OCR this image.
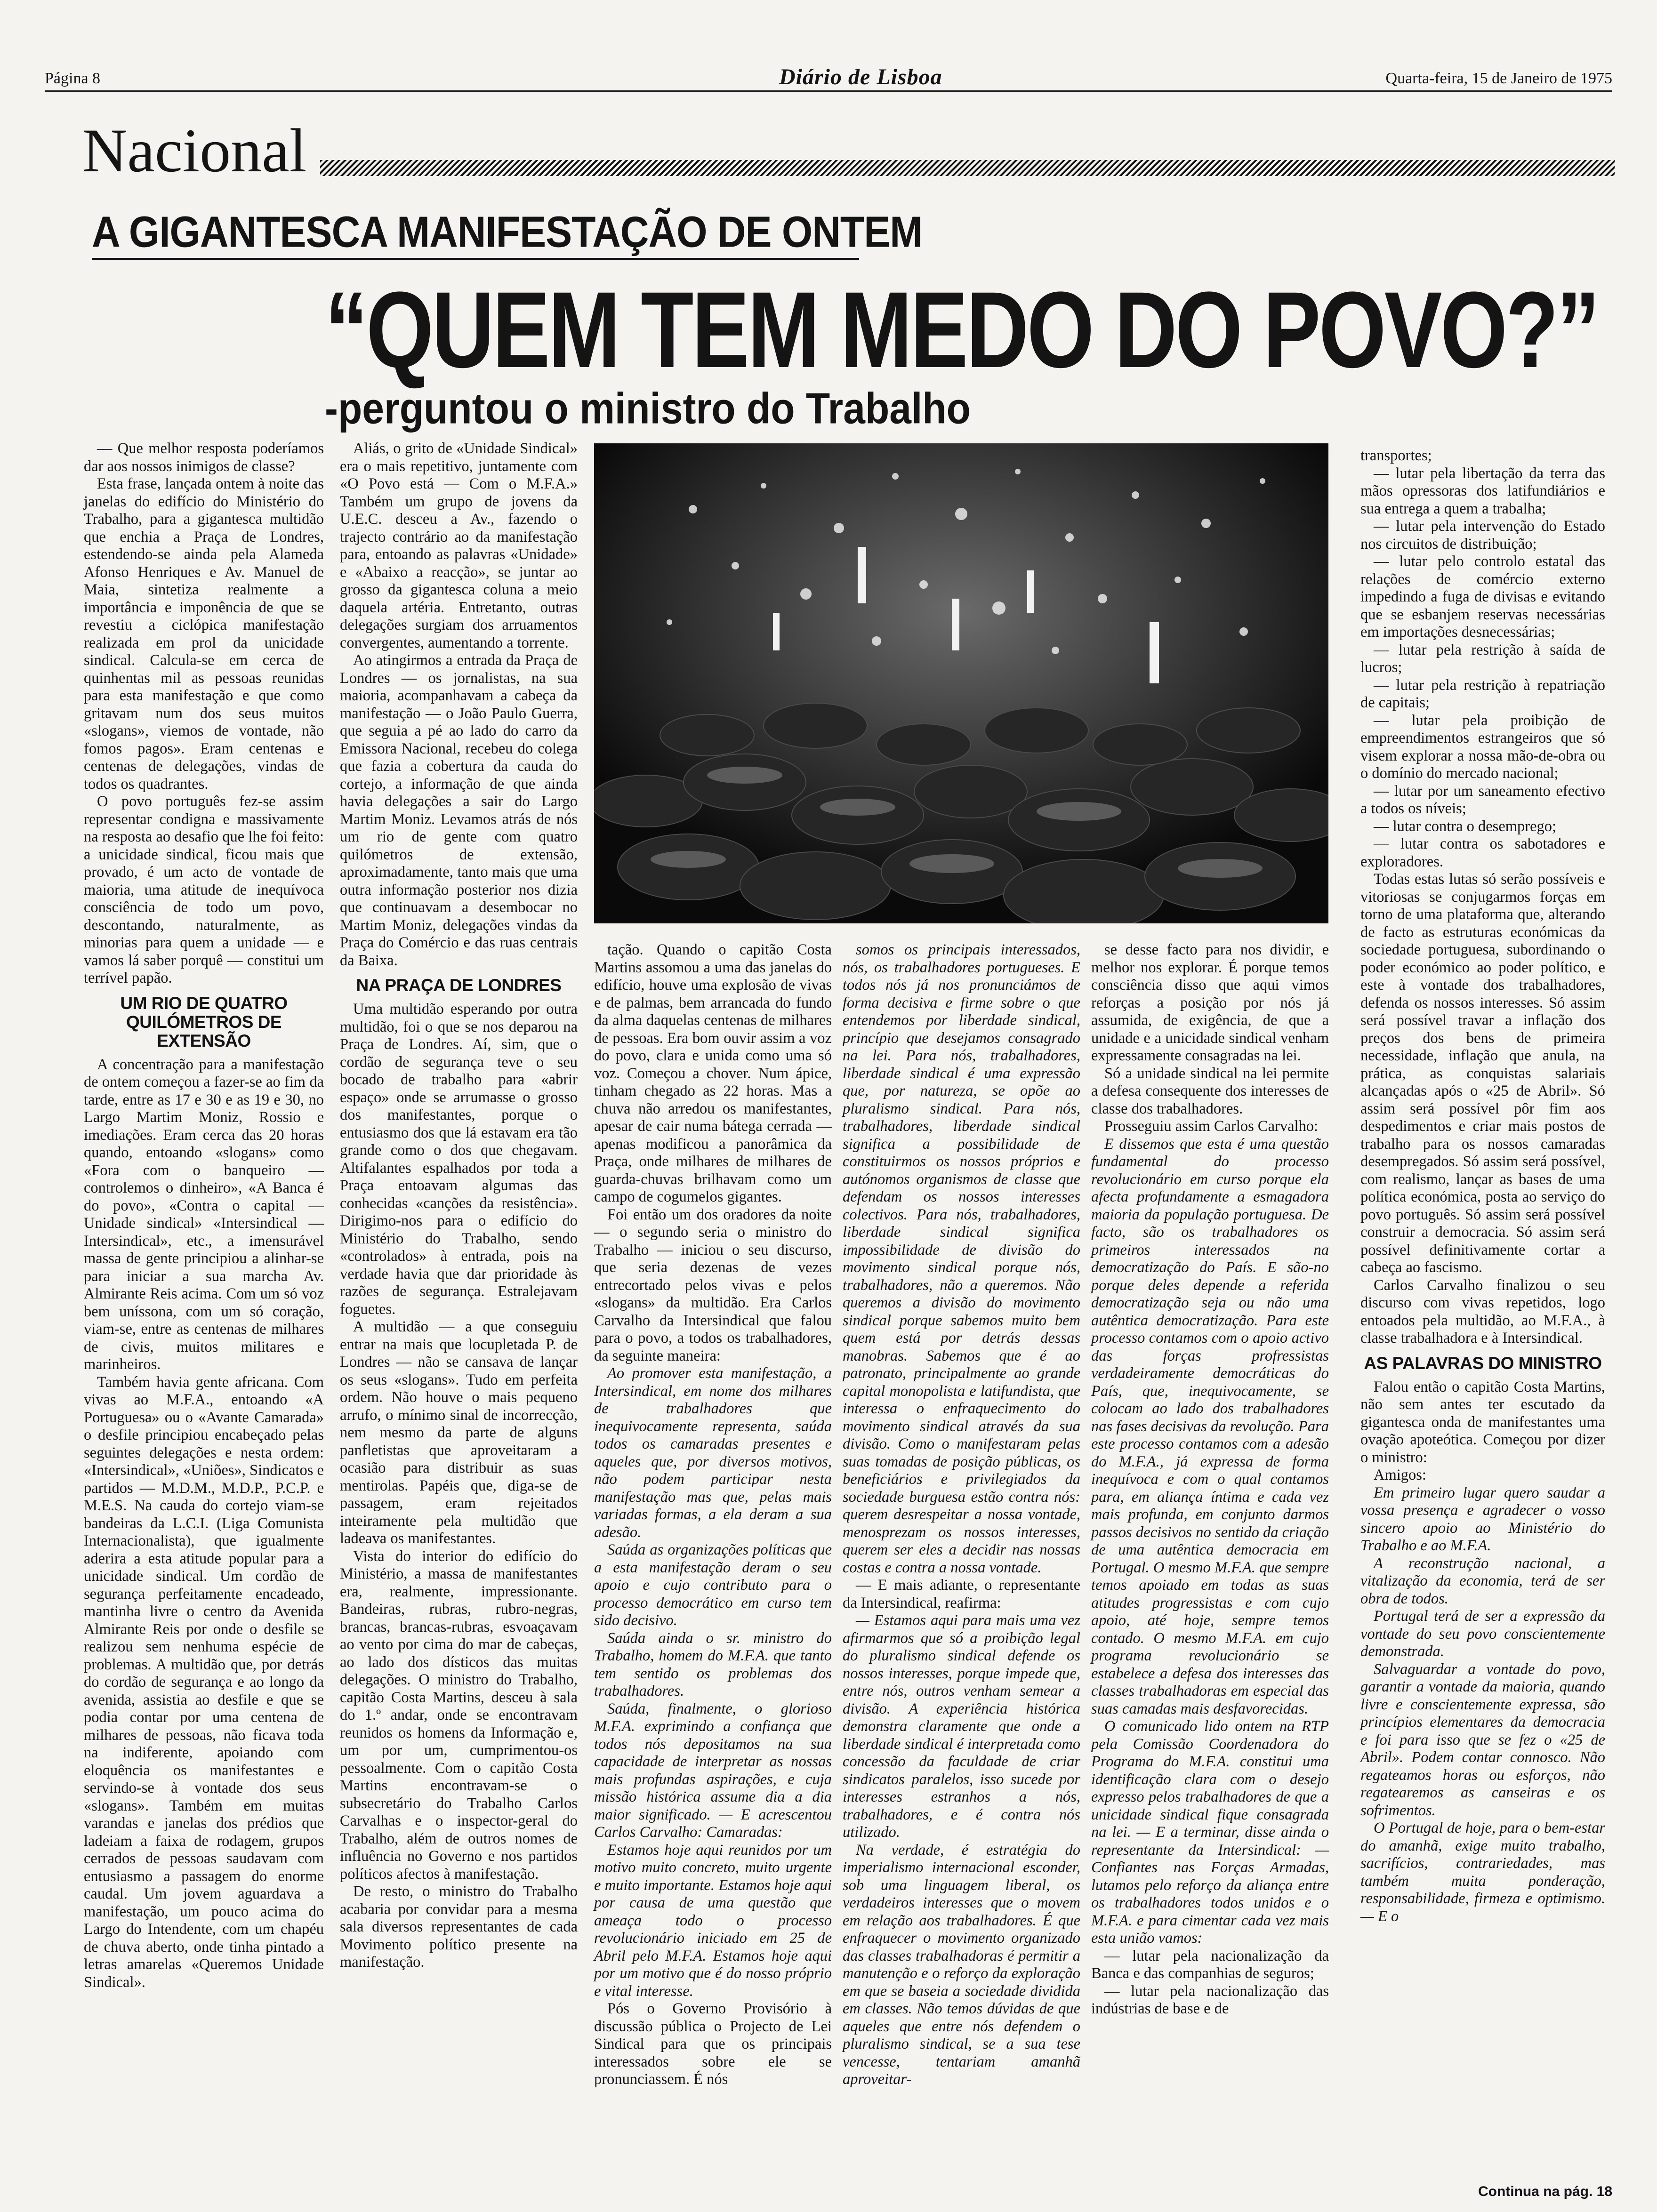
Página 8	Diário de Lisboa	Quarta-feira, 15 de Janeiro de 1975
Nacional
A GIGANTESCA MANIFESTAÇÃO DE ONTEM
“QUEM TEM MEDO DO POVO?”
-perguntou o ministro do Trabalho

— Que melhor resposta poderíamos dar aos nossos inimigos de classe?

Esta frase, lançada ontem à noite das janelas do edifício do Ministério do Trabalho, para a gigantesca multidão que enchia a Praça de Londres, estendendo-se ainda pela Alameda Afonso Henriques e Av. Manuel de Maia, sintetiza realmente a importância e imponência de que se revestiu a ciclópica manifestação realizada em prol da unicidade sindical. Calcula-se em cerca de quinhentas mil as pessoas reunidas para esta manifestação e que como gritavam num dos seus muitos «slogans», viemos de vontade, não fomos pagos». Eram centenas e centenas de delegações, vindas de todos os quadrantes.

O povo português fez-se assim representar condigna e massivamente na resposta ao desafio que lhe foi feito: a unicidade sindical, ficou mais que provado, é um acto de vontade de maioria, uma atitude de inequívoca consciência de todo um povo, descontando, naturalmente, as minorias para quem a unidade — e vamos lá saber porquê — constitui um terrível papão.

UM RIO DE QUATRO QUILÓMETROS DE EXTENSÃO

A concentração para a manifestação de ontem começou a fazer-se ao fim da tarde, entre as 17 e 30 e as 19 e 30, no Largo Martim Moniz, Rossio e imediações. Eram cerca das 20 horas quando, entoando «slogans» como «Fora com o banqueiro — controlemos o dinheiro», «A Banca é do povo», «Contra o capital — Unidade sindical» «Intersindical — Intersindical», etc., a imensurável massa de gente principiou a alinhar-se para iniciar a sua marcha Av. Almirante Reis acima. Com um só voz bem uníssona, com um só coração, viam-se, entre as centenas de milhares de civis, muitos militares e marinheiros.

Também havia gente africana. Com vivas ao M.F.A., entoando «A Portuguesa» ou o «Avante Camarada» o desfile principiou encabeçado pelas seguintes delegações e nesta ordem: «Intersindical», «Uniões», Sindicatos e partidos — M.D.M., M.D.P., P.C.P. e M.E.S. Na cauda do cortejo viam-se bandeiras da L.C.I. (Liga Comunista Internacionalista), que igualmente aderira a esta atitude popular para a unicidade sindical. Um cordão de segurança perfeitamente encadeado, mantinha livre o centro da Avenida Almirante Reis por onde o desfile se realizou sem nenhuma espécie de problemas. A multidão que, por detrás do cordão de segurança e ao longo da avenida, assistia ao desfile e que se podia contar por uma centena de milhares de pessoas, não ficava toda na indiferente, apoiando com eloquência os manifestantes e servindo-se à vontade dos seus «slogans». Também em muitas varandas e janelas dos prédios que ladeiam a faixa de rodagem, grupos cerrados de pessoas saudavam com entusiasmo a passagem do enorme caudal. Um jovem aguardava a manifestação, um pouco acima do Largo do Intendente, com um chapéu de chuva aberto, onde tinha pintado a letras amarelas «Queremos Unidade Sindical».

Aliás, o grito de «Unidade Sindical» era o mais repetitivo, juntamente com «O Povo está — Com o M.F.A.» Também um grupo de jovens da U.E.C. desceu a Av., fazendo o trajecto contrário ao da manifestação para, entoando as palavras «Unidade» e «Abaixo a reacção», se juntar ao grosso da gigantesca coluna a meio daquela artéria. Entretanto, outras delegações surgiam dos arruamentos convergentes, aumentando a torrente.

Ao atingirmos a entrada da Praça de Londres — os jornalistas, na sua maioria, acompanhavam a cabeça da manifestação — o João Paulo Guerra, que seguia a pé ao lado do carro da Emissora Nacional, recebeu do colega que fazia a cobertura da cauda do cortejo, a informação de que ainda havia delegações a sair do Largo Martim Moniz. Levamos atrás de nós um rio de gente com quatro quilómetros de extensão, aproximadamente, tanto mais que uma outra informação posterior nos dizia que continuavam a desembocar no Martim Moniz, delegações vindas da Praça do Comércio e das ruas centrais da Baixa.

NA PRAÇA DE LONDRES

Uma multidão esperando por outra multidão, foi o que se nos deparou na Praça de Londres. Aí, sim, que o cordão de segurança teve o seu bocado de trabalho para «abrir espaço» onde se arrumasse o grosso dos manifestantes, porque o entusiasmo dos que lá estavam era tão grande como o dos que chegavam. Altifalantes espalhados por toda a Praça entoavam algumas das conhecidas «canções da resistência». Dirigimo-nos para o edifício do Ministério do Trabalho, sendo «controlados» à entrada, pois na verdade havia que dar prioridade às razões de segurança. Estralejavam foguetes.

A multidão — a que conseguiu entrar na mais que locupletada P. de Londres — não se cansava de lançar os seus «slogans». Tudo em perfeita ordem. Não houve o mais pequeno arrufo, o mínimo sinal de incorrecção, nem mesmo da parte de alguns panfletistas que aproveitaram a ocasião para distribuir as suas mentirolas. Papéis que, diga-se de passagem, eram rejeitados inteiramente pela multidão que ladeava os manifestantes.

Vista do interior do edifício do Ministério, a massa de manifestantes era, realmente, impressionante. Bandeiras, rubras, rubro-negras, brancas, brancas-rubras, esvoaçavam ao vento por cima do mar de cabeças, ao lado dos dísticos das muitas delegações. O ministro do Trabalho, capitão Costa Martins, desceu à sala do 1.º andar, onde se encontravam reunidos os homens da Informação e, um por um, cumprimentou-os pessoalmente. Com o capitão Costa Martins encontravam-se o subsecretário do Trabalho Carlos Carvalhas e o inspector-geral do Trabalho, além de outros nomes de influência no Governo e nos partidos políticos afectos à manifestação.

De resto, o ministro do Trabalho acabaria por convidar para a mesma sala diversos representantes de cada Movimento político presente na manifestação.

tação. Quando o capitão Costa Martins assomou a uma das janelas do edifício, houve uma explosão de vivas e de palmas, bem arrancada do fundo da alma daquelas centenas de milhares de pessoas. Era bom ouvir assim a voz do povo, clara e unida como uma só voz. Começou a chover. Num ápice, tinham chegado as 22 horas. Mas a chuva não arredou os manifestantes, apesar de cair numa bátega cerrada — apenas modificou a panorâmica da Praça, onde milhares de milhares de guarda-chuvas brilhavam como um campo de cogumelos gigantes.

Foi então um dos oradores da noite — o segundo seria o ministro do Trabalho — iniciou o seu discurso, que seria dezenas de vezes entrecortado pelos vivas e pelos «slogans» da multidão. Era Carlos Carvalho da Intersindical que falou para o povo, a todos os trabalhadores, da seguinte maneira:

Ao promover esta manifestação, a Intersindical, em nome dos milhares de trabalhadores que inequivocamente representa, saúda todos os camaradas presentes e aqueles que, por diversos motivos, não podem participar nesta manifestação mas que, pelas mais variadas formas, a ela deram a sua adesão.

Saúda as organizações políticas que a esta manifestação deram o seu apoio e cujo contributo para o processo democrático em curso tem sido decisivo.

Saúda ainda o sr. ministro do Trabalho, homem do M.F.A. que tanto tem sentido os problemas dos trabalhadores.

Saúda, finalmente, o glorioso M.F.A. exprimindo a confiança que todos nós depositamos na sua capacidade de interpretar as nossas mais profundas aspirações, e cuja missão histórica assume dia a dia maior significado. — E acrescentou Carlos Carvalho: Camaradas:

Estamos hoje aqui reunidos por um motivo muito concreto, muito urgente e muito importante. Estamos hoje aqui por causa de uma questão que ameaça todo o processo revolucionário iniciado em 25 de Abril pelo M.F.A. Estamos hoje aqui por um motivo que é do nosso próprio e vital interesse.

Pós o Governo Provisório à discussão pública o Projecto de Lei Sindical para que os principais interessados sobre ele se pronunciassem. É nós

somos os principais interessados, nós, os trabalhadores portugueses. E todos nós já nos pronunciámos de forma decisiva e firme sobre o que entendemos por liberdade sindical, princípio que desejamos consagrado na lei. Para nós, trabalhadores, liberdade sindical é uma expressão que, por natureza, se opõe ao pluralismo sindical. Para nós, trabalhadores, liberdade sindical significa a possibilidade de constituirmos os nossos próprios e autónomos organismos de classe que defendam os nossos interesses colectivos. Para nós, trabalhadores, liberdade sindical significa impossibilidade de divisão do movimento sindical porque nós, trabalhadores, não a queremos. Não queremos a divisão do movimento sindical porque sabemos muito bem quem está por detrás dessas manobras. Sabemos que é ao patronato, principalmente ao grande capital monopolista e latifundista, que interessa o enfraquecimento do movimento sindical através da sua divisão. Como o manifestaram pelas suas tomadas de posição públicas, os beneficiários e privilegiados da sociedade burguesa estão contra nós: querem desrespeitar a nossa vontade, menosprezam os nossos interesses, querem ser eles a decidir nas nossas costas e contra a nossa vontade.

— E mais adiante, o representante da Intersindical, reafirma:

— Estamos aqui para mais uma vez afirmarmos que só a proibição legal do pluralismo sindical defende os nossos interesses, porque impede que, entre nós, outros venham semear a divisão. A experiência histórica demonstra claramente que onde a liberdade sindical é interpretada como concessão da faculdade de criar sindicatos paralelos, isso sucede por interesses estranhos a nós, trabalhadores, e é contra nós utilizado.

Na verdade, é estratégia do imperialismo internacional esconder, sob uma linguagem liberal, os verdadeiros interesses que o movem em relação aos trabalhadores. É que enfraquecer o movimento organizado das classes trabalhadoras é permitir a manutenção e o reforço da exploração em que se baseia a sociedade dividida em classes. Não temos dúvidas de que aqueles que entre nós defendem o pluralismo sindical, se a sua tese vencesse, tentariam amanhã aproveitar-

se desse facto para nos dividir, e melhor nos explorar. É porque temos consciência disso que aqui vimos reforças a posição por nós já assumida, de exigência, de que a unidade e a unicidade sindical venham expressamente consagradas na lei.

Só a unidade sindical na lei permite a defesa consequente dos interesses de classe dos trabalhadores.

Prosseguiu assim Carlos Carvalho:

E dissemos que esta é uma questão fundamental do processo revolucionário em curso porque ela afecta profundamente a esmagadora maioria da população portuguesa. De facto, são os trabalhadores os primeiros interessados na democratização do País. E são-no porque deles depende a referida democratização seja ou não uma autêntica democratização. Para este processo contamos com o apoio activo das forças profressistas verdadeiramente democráticas do País, que, inequivocamente, se colocam ao lado dos trabalhadores nas fases decisivas da revolução. Para este processo contamos com a adesão do M.F.A., já expressa de forma inequívoca e com o qual contamos para, em aliança íntima e cada vez mais profunda, em conjunto darmos passos decisivos no sentido da criação de uma autêntica democracia em Portugal. O mesmo M.F.A. que sempre temos apoiado em todas as suas atitudes progressistas e com cujo apoio, até hoje, sempre temos contado. O mesmo M.F.A. em cujo programa revolucionário se estabelece a defesa dos interesses das classes trabalhadoras em especial das suas camadas mais desfavorecidas.

O comunicado lido ontem na RTP pela Comissão Coordenadora do Programa do M.F.A. constitui uma identificação clara com o desejo expresso pelos trabalhadores de que a unicidade sindical fique consagrada na lei. — E a terminar, disse ainda o representante da Intersindical: — Confiantes nas Forças Armadas, lutamos pelo reforço da aliança entre os trabalhadores todos unidos e o M.F.A. e para cimentar cada vez mais esta união vamos:

— lutar pela nacionalização da Banca e das companhias de seguros;

— lutar pela nacionalização das indústrias de base e de

transportes;

— lutar pela libertação da terra das mãos opressoras dos latifundiários e sua entrega a quem a trabalha;

— lutar pela intervenção do Estado nos circuitos de distribuição;

— lutar pelo controlo estatal das relações de comércio externo impedindo a fuga de divisas e evitando que se esbanjem reservas necessárias em importações desnecessárias;

— lutar pela restrição à saída de lucros;

— lutar pela restrição à repatriação de capitais;

— lutar pela proibição de empreendimentos estrangeiros que só visem explorar a nossa mão-de-obra ou o domínio do mercado nacional;

— lutar por um saneamento efectivo a todos os níveis;

— lutar contra o desemprego;

— lutar contra os sabotadores e exploradores.

Todas estas lutas só serão possíveis e vitoriosas se conjugarmos forças em torno de uma plataforma que, alterando de facto as estruturas económicas da sociedade portuguesa, subordinando o poder económico ao poder político, e este à vontade dos trabalhadores, defenda os nossos interesses. Só assim será possível travar a inflação dos preços dos bens de primeira necessidade, inflação que anula, na prática, as conquistas salariais alcançadas após o «25 de Abril». Só assim será possível pôr fim aos despedimentos e criar mais postos de trabalho para os nossos camaradas desempregados. Só assim será possível, com realismo, lançar as bases de uma política económica, posta ao serviço do povo português. Só assim será possível construir a democracia. Só assim será possível definitivamente cortar a cabeça ao fascismo.

Carlos Carvalho finalizou o seu discurso com vivas repetidos, logo entoados pela multidão, ao M.F.A., à classe trabalhadora e à Intersindical.

AS PALAVRAS DO MINISTRO

Falou então o capitão Costa Martins, não sem antes ter escutado da gigantesca onda de manifestantes uma ovação apoteótica. Começou por dizer o ministro:

Amigos:

Em primeiro lugar quero saudar a vossa presença e agradecer o vosso sincero apoio ao Ministério do Trabalho e ao M.F.A.

A reconstrução nacional, a vitalização da economia, terá de ser obra de todos.

Portugal terá de ser a expressão da vontade do seu povo conscientemente demonstrada.

Salvaguardar a vontade do povo, garantir a vontade da maioria, quando livre e conscientemente expressa, são princípios elementares da democracia e foi para isso que se fez o «25 de Abril». Podem contar connosco. Não regateamos horas ou esforços, não regatearemos as canseiras e os sofrimentos.

O Portugal de hoje, para o bem-estar do amanhã, exige muito trabalho, sacrifícios, contrariedades, mas também muita ponderação, responsabilidade, firmeza e optimismo. — E o

Continua na pág. 18
